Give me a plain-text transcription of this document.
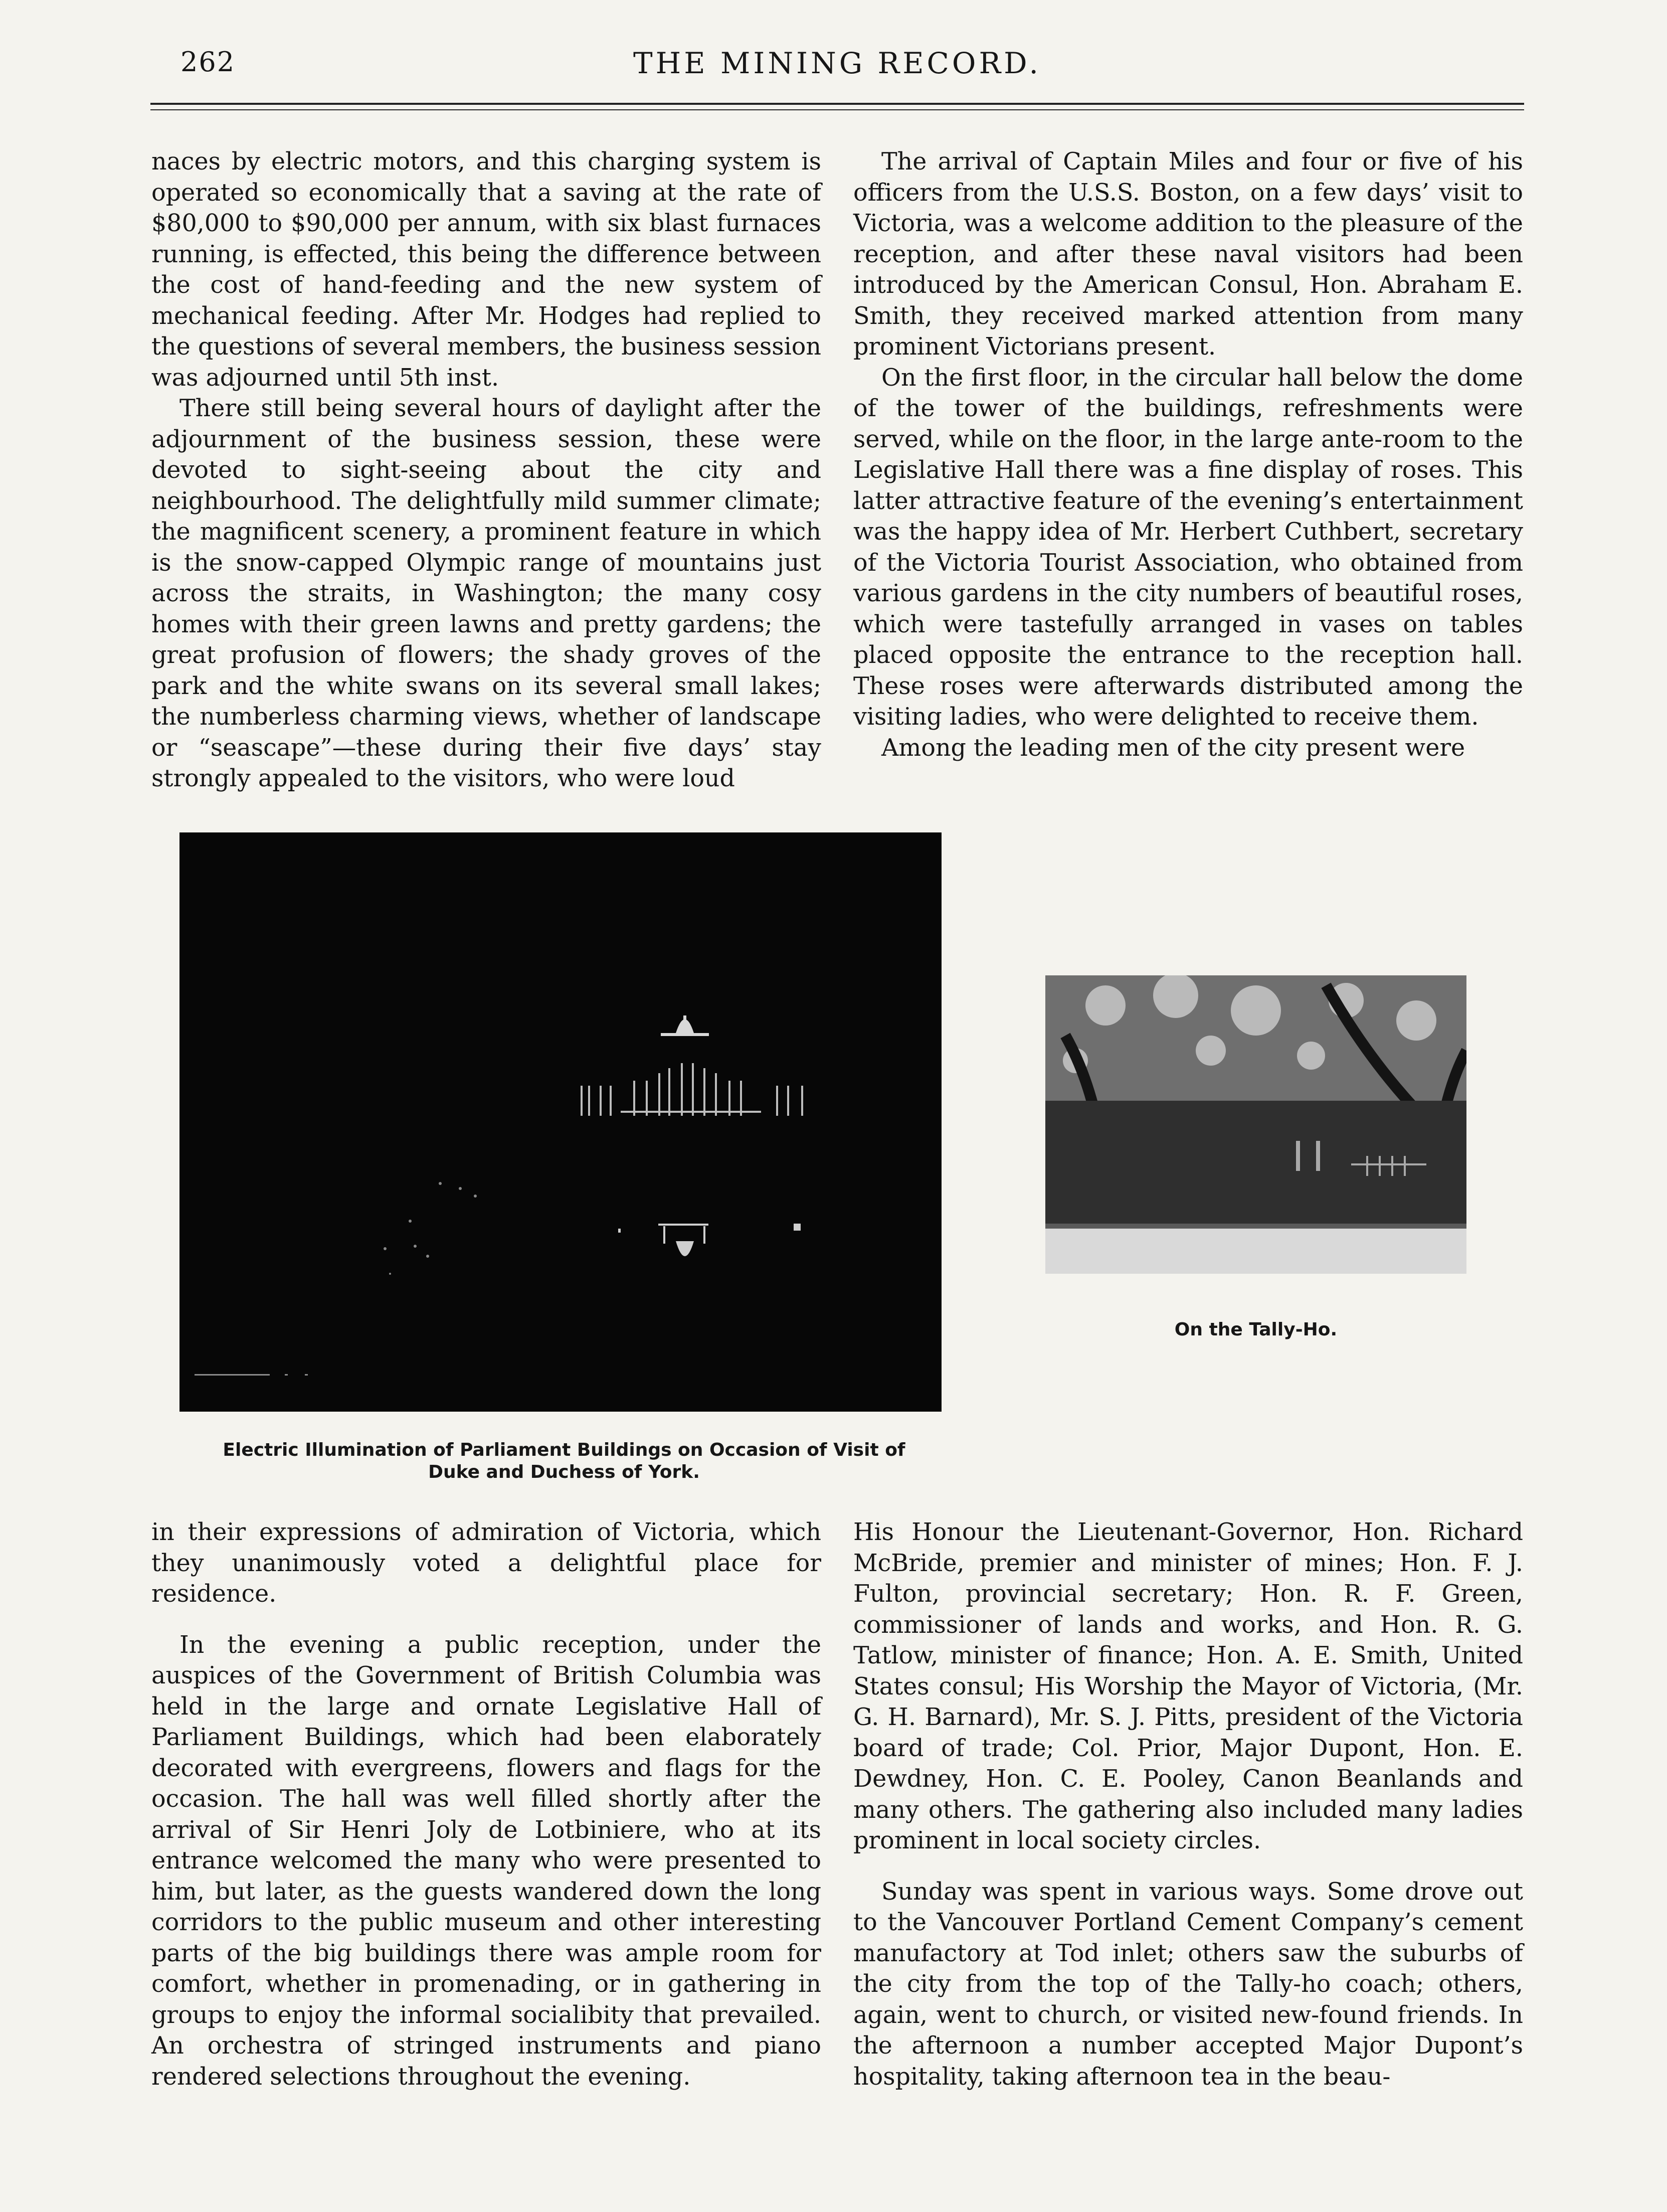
262	THE MINING RECORD.

naces by electric motors, and this charging system is operated so economically that a saving at the rate of $80,000 to $90,000 per annum, with six blast furnaces running, is effected, this being the difference between the cost of hand-feeding and the new system of mechanical feeding. After Mr. Hodges had replied to the questions of several members, the business session was adjourned until 5th inst.

There still being several hours of daylight after the adjournment of the business session, these were devoted to sight-seeing about the city and neighbourhood. The delightfully mild summer climate; the magnificent scenery, a prominent feature in which is the snow-capped Olympic range of mountains just across the straits, in Washington; the many cosy homes with their green lawns and pretty gardens; the great profusion of flowers; the shady groves of the park and the white swans on its several small lakes; the numberless charming views, whether of landscape or “seascape”—these during their five days’ stay strongly appealed to the visitors, who were loud

The arrival of Captain Miles and four or five of his officers from the U.S.S. Boston, on a few days’ visit to Victoria, was a welcome addition to the pleasure of the reception, and after these naval visitors had been introduced by the American Consul, Hon. Abraham E. Smith, they received marked attention from many prominent Victorians present.

On the first floor, in the circular hall below the dome of the tower of the buildings, refreshments were served, while on the floor, in the large ante-room to the Legislative Hall there was a fine display of roses. This latter attractive feature of the evening’s entertainment was the happy idea of Mr. Herbert Cuthbert, secretary of the Victoria Tourist Association, who obtained from various gardens in the city numbers of beautiful roses, which were tastefully arranged in vases on tables placed opposite the entrance to the reception hall. These roses were afterwards distributed among the visiting ladies, who were delighted to receive them.

Among the leading men of the city present were

On the Tally-Ho.
Electric Illumination of Parliament Buildings on Occasion of Visit of Duke and Duchess of York.

in their expressions of admiration of Victoria, which they unanimously voted a delightful place for residence.

In the evening a public reception, under the auspices of the Government of British Columbia was held in the large and ornate Legislative Hall of Parliament Buildings, which had been elaborately decorated with evergreens, flowers and flags for the occasion. The hall was well filled shortly after the arrival of Sir Henri Joly de Lotbiniere, who at its entrance welcomed the many who were presented to him, but later, as the guests wandered down the long corridors to the public museum and other interesting parts of the big buildings there was ample room for comfort, whether in promenading, or in gathering in groups to enjoy the informal socialibity that prevailed. An orchestra of stringed instruments and piano rendered selections throughout the evening.

His Honour the Lieutenant-Governor, Hon. Richard McBride, premier and minister of mines; Hon. F. J. Fulton, provincial secretary; Hon. R. F. Green, commissioner of lands and works, and Hon. R. G. Tatlow, minister of finance; Hon. A. E. Smith, United States consul; His Worship the Mayor of Victoria, (Mr. G. H. Barnard), Mr. S. J. Pitts, president of the Victoria board of trade; Col. Prior, Major Dupont, Hon. E. Dewdney, Hon. C. E. Pooley, Canon Beanlands and many others. The gathering also included many ladies prominent in local society circles.

Sunday was spent in various ways. Some drove out to the Vancouver Portland Cement Company’s cement manufactory at Tod inlet; others saw the suburbs of the city from the top of the Tally-ho coach; others, again, went to church, or visited new-found friends. In the afternoon a number accepted Major Dupont’s hospitality, taking afternoon tea in the beau-
